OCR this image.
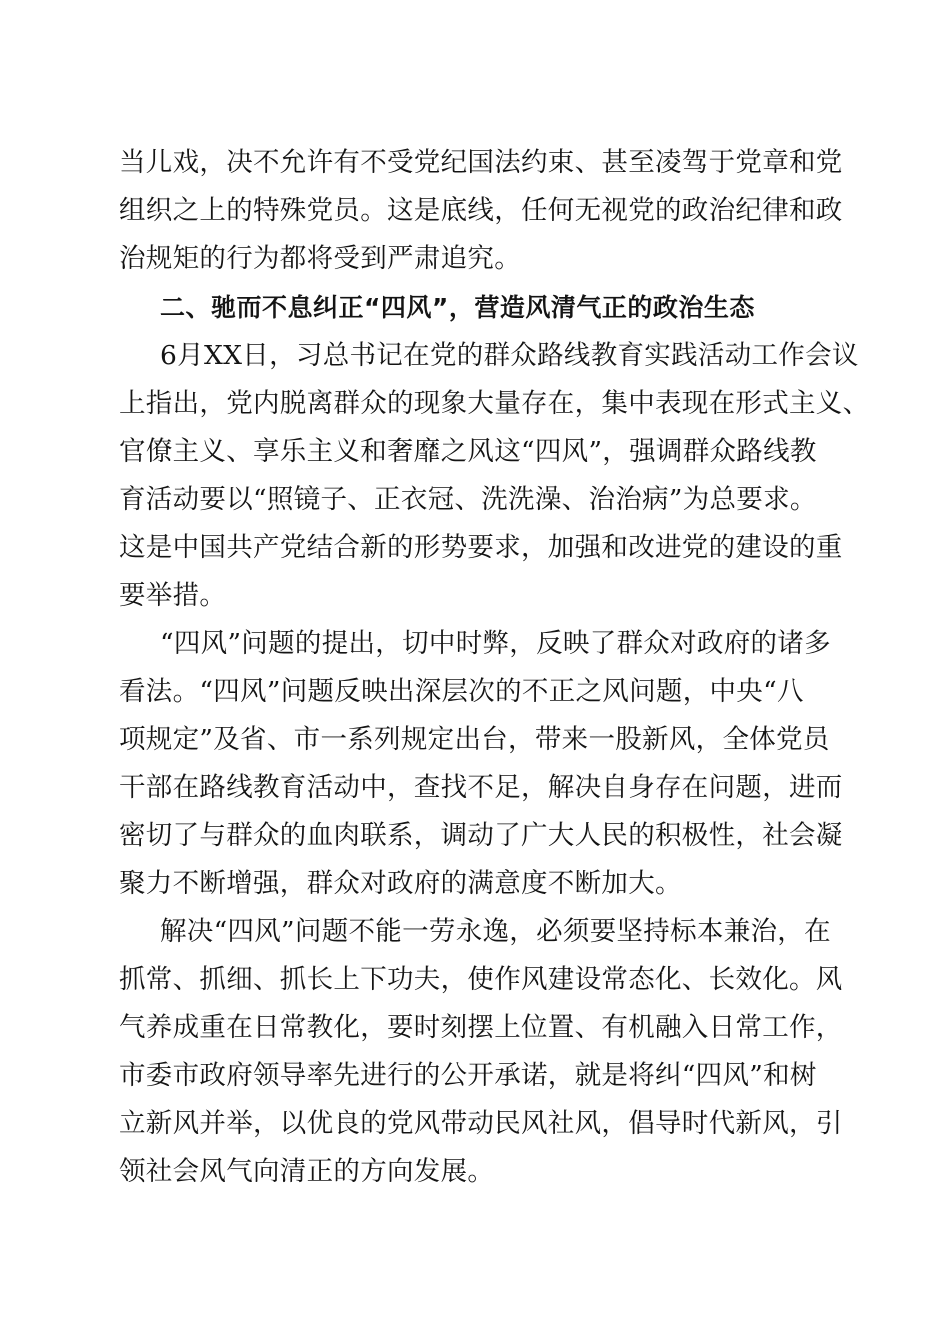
当儿戏，决不允许有不受党纪国法约束、甚至凌驾于党章和党
组织之上的特殊党员。这是底线，任何无视党的政治纪律和政
治规矩的行为都将受到严肃追究。
二、驰而不息纠正“四风”，营造风清气正的政治生态
6月XX日，习总书记在党的群众路线教育实践活动工作会议
上指出，党内脱离群众的现象大量存在，集中表现在形式主义、
官僚主义、享乐主义和奢靡之风这“四风”，强调群众路线教
育活动要以“照镜子、正衣冠、洗洗澡、治治病”为总要求。
这是中国共产党结合新的形势要求，加强和改进党的建设的重
要举措。
“四风”问题的提出，切中时弊，反映了群众对政府的诸多
看法。“四风”问题反映出深层次的不正之风问题，中央“八
项规定”及省、市一系列规定出台，带来一股新风，全体党员
干部在路线教育活动中，查找不足，解决自身存在问题，进而
密切了与群众的血肉联系，调动了广大人民的积极性，社会凝
聚力不断增强，群众对政府的满意度不断加大。
解决“四风”问题不能一劳永逸，必须要坚持标本兼治，在
抓常、抓细、抓长上下功夫，使作风建设常态化、长效化。风
气养成重在日常教化，要时刻摆上位置、有机融入日常工作，
市委市政府领导率先进行的公开承诺，就是将纠“四风”和树
立新风并举，以优良的党风带动民风社风，倡导时代新风，引
领社会风气向清正的方向发展。
